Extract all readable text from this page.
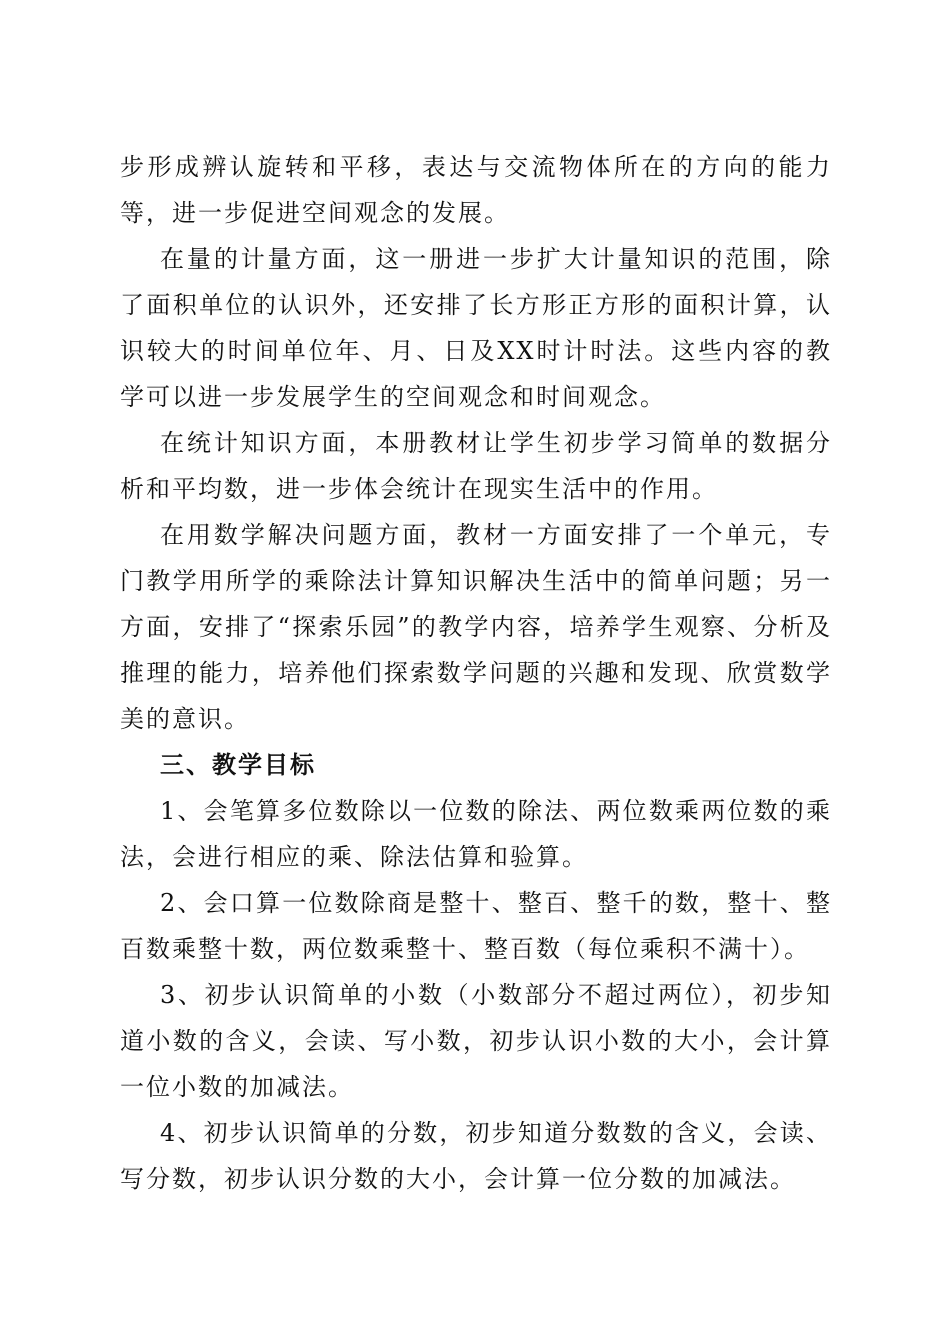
步形成辨认旋转和平移，表达与交流物体所在的方向的能力等，进一步促进空间观念的发展。

在量的计量方面，这一册进一步扩大计量知识的范围，除了面积单位的认识外，还安排了长方形正方形的面积计算，认识较大的时间单位年、月、日及XX时计时法。这些内容的教学可以进一步发展学生的空间观念和时间观念。

在统计知识方面，本册教材让学生初步学习简单的数据分析和平均数，进一步体会统计在现实生活中的作用。

在用数学解决问题方面，教材一方面安排了一个单元，专门教学用所学的乘除法计算知识解决生活中的简单问题；另一方面，安排了“探索乐园”的教学内容，培养学生观察、分析及推理的能力，培养他们探索数学问题的兴趣和发现、欣赏数学美的意识。

三、教学目标

1、会笔算多位数除以一位数的除法、两位数乘两位数的乘法，会进行相应的乘、除法估算和验算。

2、会口算一位数除商是整十、整百、整千的数，整十、整百数乘整十数，两位数乘整十、整百数（每位乘积不满十）。

3、初步认识简单的小数（小数部分不超过两位），初步知道小数的含义，会读、写小数，初步认识小数的大小，会计算一位小数的加减法。

4、初步认识简单的分数，初步知道分数数的含义，会读、写分数，初步认识分数的大小，会计算一位分数的加减法。
